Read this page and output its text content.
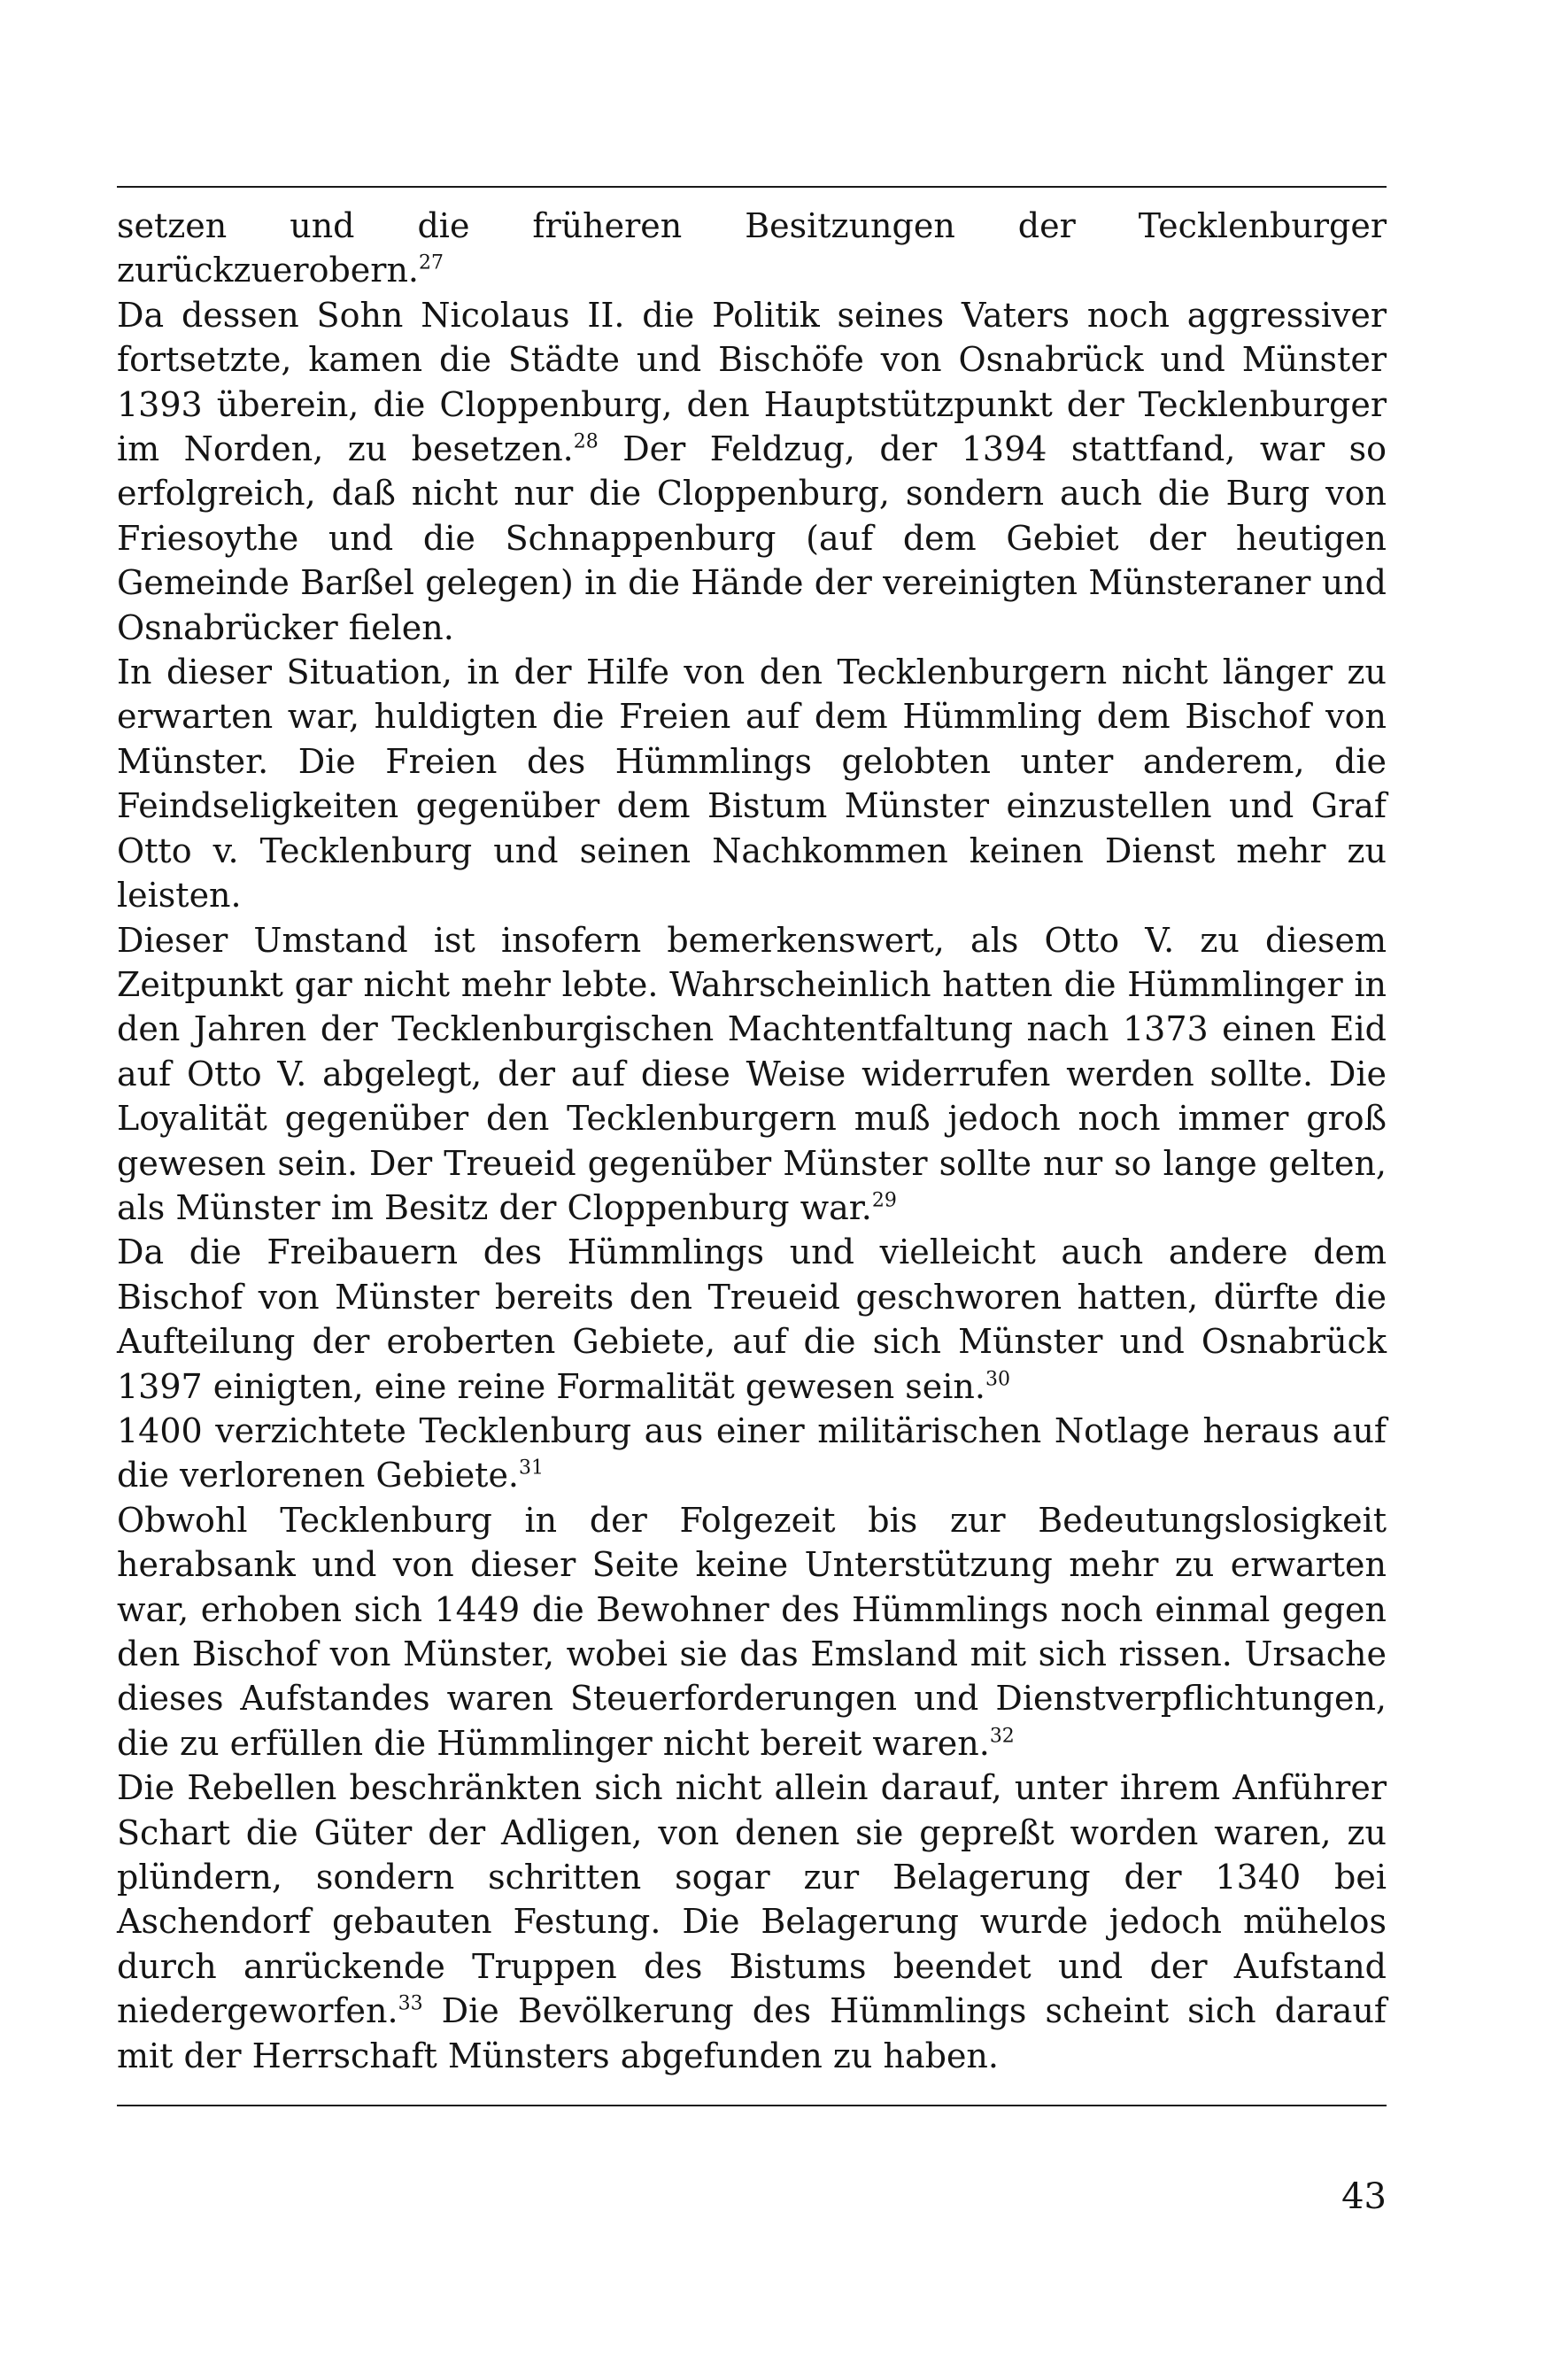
setzen und die früheren Besitzungen der Tecklenburger zurückzuerobern.$^{27}$

Da dessen Sohn Nicolaus II. die Politik seines Vaters noch aggressiver fortsetzte, kamen die Städte und Bischöfe von Osnabrück und Münster 1393 überein, die Cloppenburg, den Hauptstützpunkt der Tecklenburger im Norden, zu besetzen.$^{28}$ Der Feldzug, der 1394 stattfand, war so erfolgreich, daß nicht nur die Cloppenburg, sondern auch die Burg von Friesoythe und die Schnappenburg (auf dem Gebiet der heutigen Gemeinde Barßel gelegen) in die Hände der vereinigten Münsteraner und Osnabrücker fielen.

In dieser Situation, in der Hilfe von den Tecklenburgern nicht länger zu erwarten war, huldigten die Freien auf dem Hümmling dem Bischof von Münster. Die Freien des Hümmlings gelobten unter anderem, die Feindseligkeiten gegenüber dem Bistum Münster einzustellen und Graf Otto v. Tecklenburg und seinen Nachkommen keinen Dienst mehr zu leisten.

Dieser Umstand ist insofern bemerkenswert, als Otto V. zu diesem Zeitpunkt gar nicht mehr lebte. Wahrscheinlich hatten die Hümmlinger in den Jahren der Tecklenburgischen Machtentfaltung nach 1373 einen Eid auf Otto V. abgelegt, der auf diese Weise widerrufen werden sollte. Die Loyalität gegenüber den Tecklenburgern muß jedoch noch immer groß gewesen sein. Der Treueid gegenüber Münster sollte nur so lange gelten, als Münster im Besitz der Cloppenburg war.$^{29}$

Da die Freibauern des Hümmlings und vielleicht auch andere dem Bischof von Münster bereits den Treueid geschworen hatten, dürfte die Aufteilung der eroberten Gebiete, auf die sich Münster und Osnabrück 1397 einigten, eine reine Formalität gewesen sein.$^{30}$

1400 verzichtete Tecklenburg aus einer militärischen Notlage heraus auf die verlorenen Gebiete.$^{31}$

Obwohl Tecklenburg in der Folgezeit bis zur Bedeutungslosigkeit herabsank und von dieser Seite keine Unterstützung mehr zu erwarten war, erhoben sich 1449 die Bewohner des Hümmlings noch einmal gegen den Bischof von Münster, wobei sie das Emsland mit sich rissen. Ursache dieses Aufstandes waren Steuerforderungen und Dienstverpflichtungen, die zu erfüllen die Hümmlinger nicht bereit waren.$^{32}$

Die Rebellen beschränkten sich nicht allein darauf, unter ihrem Anführer Schart die Güter der Adligen, von denen sie gepreßt worden waren, zu plündern, sondern schritten sogar zur Belagerung der 1340 bei Aschendorf gebauten Festung. Die Belagerung wurde jedoch mühelos durch anrückende Truppen des Bistums beendet und der Aufstand niedergeworfen.$^{33}$ Die Bevölkerung des Hümmlings scheint sich darauf mit der Herrschaft Münsters abgefunden zu haben.

43
